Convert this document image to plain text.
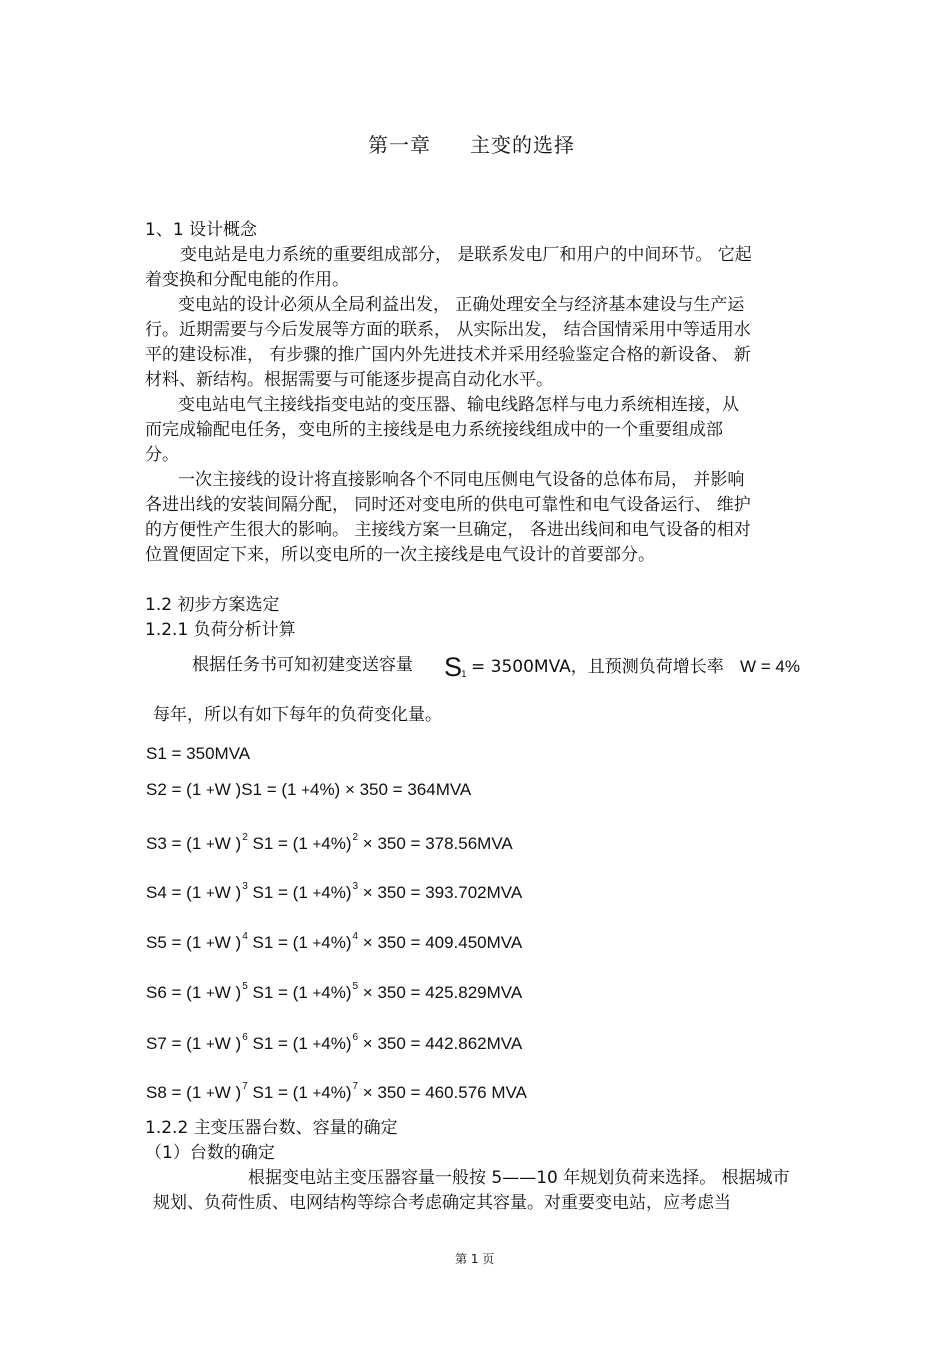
第一章 主变的选择
1、1 设计概念
变电站是电力系统的重要组成部分， 是联系发电厂和用户的中间环节。 它起
着变换和分配电能的作用。
变电站的设计必须从全局利益出发， 正确处理安全与经济基本建设与生产运
行。近期需要与今后发展等方面的联系， 从实际出发， 结合国情采用中等适用水
平的建设标准， 有步骤的推广国内外先进技术并采用经验鉴定合格的新设备、 新
材料、新结构。根据需要与可能逐步提高自动化水平。
变电站电气主接线指变电站的变压器、输电线路怎样与电力系统相连接，从
而完成输配电任务，变电所的主接线是电力系统接线组成中的一个重要组成部
分。
一次主接线的设计将直接影响各个不同电压侧电气设备的总体布局， 并影响
各进出线的安装间隔分配， 同时还对变电所的供电可靠性和电气设备运行、 维护
的方便性产生很大的影响。 主接线方案一旦确定， 各进出线间和电气设备的相对
位置便固定下来，所以变电所的一次主接线是电气设计的首要部分。
1.2 初步方案选定
1.2.1 负荷分析计算
根据任务书可知初建变送容量 S
1 = 3500MVA，且预测负荷增长率 W = 4%
每年，所以有如下每年的负荷变化量。
S1 = 350MVA
S2 = (1 +W )S1 = (1 +4%) × 350 = 364MVA
S3 = (1 +W )$^2$ $S1 = (1 +4\%)^2 \times 350 = 378.56MVA$
S4 = (1 +W )$^3$ $S1 = (1 +4\%)^3 \times 350 = 393.702MVA$
S5 = (1 +W )$^4$ $S1 = (1 +4\%)^4 \times 350 = 409.450MVA$
S6 = (1 +W )$^5$ $S1 = (1 +4\%)^5 \times 350 = 425.829MVA$
S7 = (1 +W )$^6$ $S1 = (1 +4\%)^6 \times 350 = 442.862MVA$
S8 = (1 +W )$^7$ $S1 = (1 +4\%)^7 \times 350 = 460.576$ MVA
1.2.2 主变压器台数、容量的确定
（1）台数的确定
根据变电站主变压器容量一般按 5——10 年规划负荷来选择。 根据城市
规划、负荷性质、电网结构等综合考虑确定其容量。对重要变电站，应考虑当
第 1 页
